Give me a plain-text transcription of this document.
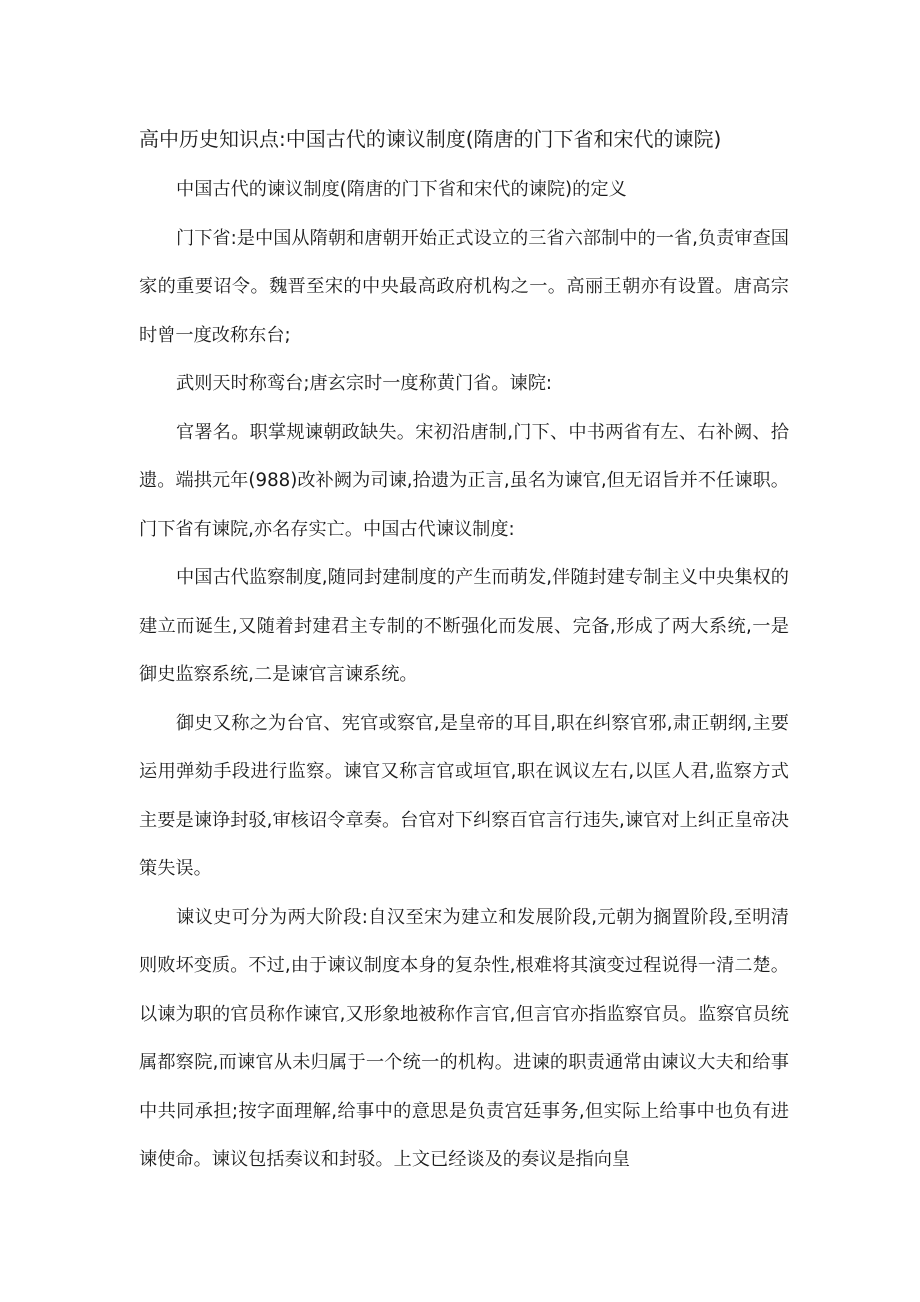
高中历史知识点:中国古代的谏议制度(隋唐的门下省和宋代的谏院)

中国古代的谏议制度(隋唐的门下省和宋代的谏院)的定义

门下省:是中国从隋朝和唐朝开始正式设立的三省六部制中的一省,负责审查国家的重要诏令。魏晋至宋的中央最高政府机构之一。高丽王朝亦有设置。唐高宗时曾一度改称东台;

武则天时称鸾台;唐玄宗时一度称黄门省。谏院:

官署名。职掌规谏朝政缺失。宋初沿唐制,门下、中书两省有左、右补阙、拾遗。端拱元年(988)改补阙为司谏,拾遗为正言,虽名为谏官,但无诏旨并不任谏职。门下省有谏院,亦名存实亡。中国古代谏议制度:

中国古代监察制度,随同封建制度的产生而萌发,伴随封建专制主义中央集权的建立而诞生,又随着封建君主专制的不断强化而发展、完备,形成了两大系统,一是御史监察系统,二是谏官言谏系统。

御史又称之为台官、宪官或察官,是皇帝的耳目,职在纠察官邪,肃正朝纲,主要运用弹劾手段进行监察。谏官又称言官或垣官,职在讽议左右,以匡人君,监察方式主要是谏诤封驳,审核诏令章奏。台官对下纠察百官言行违失,谏官对上纠正皇帝决策失误。

谏议史可分为两大阶段:自汉至宋为建立和发展阶段,元朝为搁置阶段,至明清则败坏变质。不过,由于谏议制度本身的复杂性,根难将其演变过程说得一清二楚。以谏为职的官员称作谏官,又形象地被称作言官,但言官亦指监察官员。监察官员统属都察院,而谏官从未归属于一个统一的机构。进谏的职责通常由谏议大夫和给事中共同承担;按字面理解,给事中的意思是负责宫廷事务,但实际上给事中也负有进谏使命。谏议包括奏议和封驳。上文已经谈及的奏议是指向皇
